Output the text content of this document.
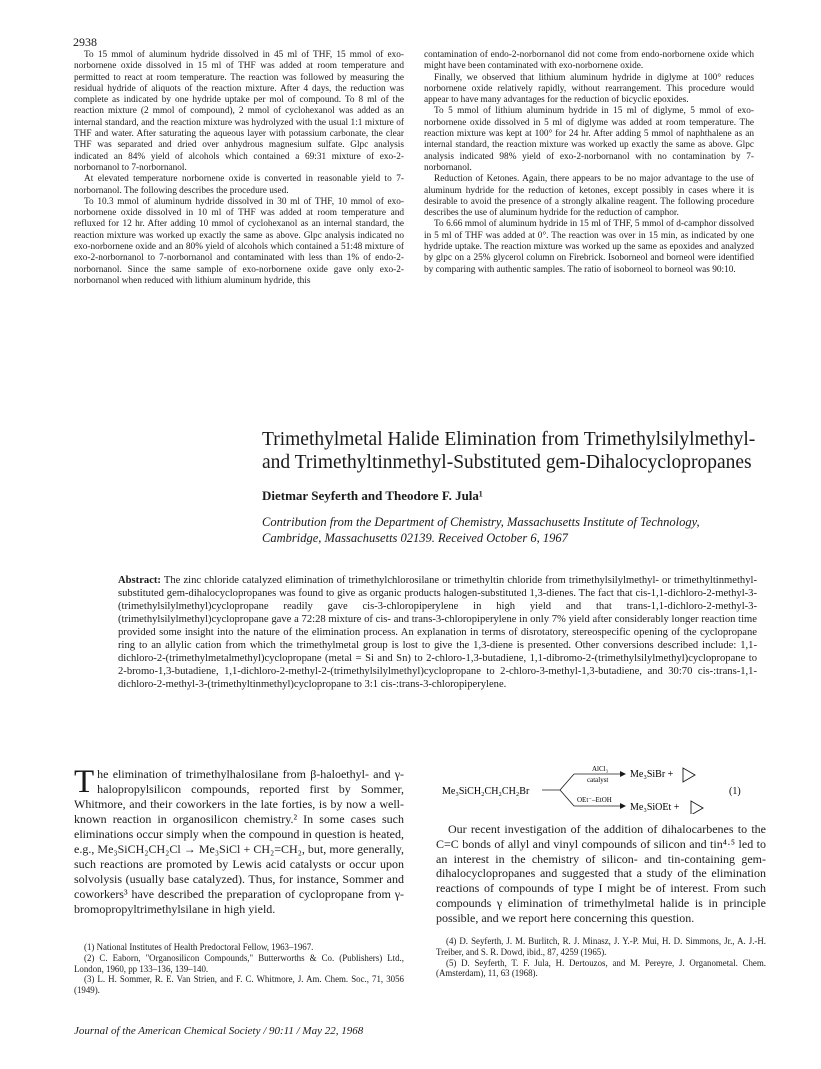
2938

To 15 mmol of aluminum hydride dissolved in 45 ml of THF, 15 mmol of exo-norbornene oxide dissolved in 15 ml of THF was added at room temperature and permitted to react at room temperature. The reaction was followed by measuring the residual hydride of aliquots of the reaction mixture. After 4 days, the reduction was complete as indicated by one hydride uptake per mol of compound. To 8 ml of the reaction mixture (2 mmol of compound), 2 mmol of cyclohexanol was added as an internal standard, and the reaction mixture was hydrolyzed with the usual 1:1 mixture of THF and water. After saturating the aqueous layer with potassium carbonate, the clear THF was separated and dried over anhydrous magnesium sulfate. Glpc analysis indicated an 84% yield of alcohols which contained a 69:31 mixture of exo-2-norbornanol to 7-norbornanol.

At elevated temperature norbornene oxide is converted in reasonable yield to 7-norbornanol. The following describes the procedure used.

To 10.3 mmol of aluminum hydride dissolved in 30 ml of THF, 10 mmol of exo-norbornene oxide dissolved in 10 ml of THF was added at room temperature and refluxed for 12 hr. After adding 10 mmol of cyclohexanol as an internal standard, the reaction mixture was worked up exactly the same as above. Glpc analysis indicated no exo-norbornene oxide and an 80% yield of alcohols which contained a 51:48 mixture of exo-2-norbornanol to 7-norbornanol and contaminated with less than 1% of endo-2-norbornanol. Since the same sample of exo-norbornene oxide gave only exo-2-norbornanol when reduced with lithium aluminum hydride, this

contamination of endo-2-norbornanol did not come from endo-norbornene oxide which might have been contaminated with exo-norbornene oxide.

Finally, we observed that lithium aluminum hydride in diglyme at 100° reduces norbornene oxide relatively rapidly, without rearrangement. This procedure would appear to have many advantages for the reduction of bicyclic epoxides.

To 5 mmol of lithium aluminum hydride in 15 ml of diglyme, 5 mmol of exo-norbornene oxide dissolved in 5 ml of diglyme was added at room temperature. The reaction mixture was kept at 100° for 24 hr. After adding 5 mmol of naphthalene as an internal standard, the reaction mixture was worked up exactly the same as above. Glpc analysis indicated 98% yield of exo-2-norbornanol with no contamination by 7-norbornanol.

Reduction of Ketones. Again, there appears to be no major advantage to the use of aluminum hydride for the reduction of ketones, except possibly in cases where it is desirable to avoid the presence of a strongly alkaline reagent. The following procedure describes the use of aluminum hydride for the reduction of camphor.

To 6.66 mmol of aluminum hydride in 15 ml of THF, 5 mmol of d-camphor dissolved in 5 ml of THF was added at 0°. The reaction was over in 15 min, as indicated by one hydride uptake. The reaction mixture was worked up the same as epoxides and analyzed by glpc on a 25% glycerol column on Firebrick. Isoborneol and borneol were identified by comparing with authentic samples. The ratio of isoborneol to borneol was 90:10.

Trimethylmetal Halide Elimination from Trimethylsilylmethyl- and Trimethyltinmethyl-Substituted gem-Dihalocyclopropanes
Dietmar Seyferth and Theodore F. Jula¹
Contribution from the Department of Chemistry, Massachusetts Institute of Technology, Cambridge, Massachusetts 02139. Received October 6, 1967
Abstract: The zinc chloride catalyzed elimination of trimethylchlorosilane or trimethyltin chloride from trimethylsilylmethyl- or trimethyltinmethyl-substituted gem-dihalocyclopropanes was found to give as organic products halogen-substituted 1,3-dienes. The fact that cis-1,1-dichloro-2-methyl-3-(trimethylsilylmethyl)cyclopropane readily gave cis-3-chloropiperylene in high yield and that trans-1,1-dichloro-2-methyl-3-(trimethylsilylmethyl)cyclopropane gave a 72:28 mixture of cis- and trans-3-chloropiperylene in only 7% yield after considerably longer reaction time provided some insight into the nature of the elimination process. An explanation in terms of disrotatory, stereospecific opening of the cyclopropane ring to an allylic cation from which the trimethylmetal group is lost to give the 1,3-diene is presented. Other conversions described include: 1,1-dichloro-2-(trimethylmetalmethyl)cyclopropane (metal = Si and Sn) to 2-chloro-1,3-butadiene, 1,1-dibromo-2-(trimethylsilylmethyl)cyclopropane to 2-bromo-1,3-butadiene, 1,1-dichloro-2-methyl-2-(trimethylsilylmethyl)cyclopropane to 2-chloro-3-methyl-1,3-butadiene, and 30:70 cis-:trans-1,1-dichloro-2-methyl-3-(trimethyltinmethyl)cyclopropane to 3:1 cis-:trans-3-chloropiperylene.
The elimination of trimethylhalosilane from β-haloethyl- and γ-halopropylsilicon compounds, reported first by Sommer, Whitmore, and their coworkers in the late forties, is by now a well-known reaction in organosilicon chemistry.² In some cases such eliminations occur simply when the compound in question is heated, e.g., Me₃SiCH₂CH₂Cl → Me₃SiCl + CH₂=CH₂, but, more generally, such reactions are promoted by Lewis acid catalysts or occur upon solvolysis (usually base catalyzed). Thus, for instance, Sommer and coworkers³ have described the preparation of cyclopropane from γ-bromopropyltrimethylsilane in high yield.
Me₃SiCH₂CH₂CH₂Br
AlCl₃
catalyst
OEt⁻–EtOH
Me₃SiBr +
Me₃SiOEt +
(1)

Our recent investigation of the addition of dihalocarbenes to the C=C bonds of allyl and vinyl compounds of silicon and tin⁴·⁵ led to an interest in the chemistry of silicon- and tin-containing gem-dihalocyclopropanes and suggested that a study of the elimination reactions of compounds of type I might be of interest. From such compounds γ elimination of trimethylmetal halide is in principle possible, and we report here concerning this question.

(1) National Institutes of Health Predoctoral Fellow, 1963–1967.

(2) C. Eaborn, "Organosilicon Compounds," Butterworths & Co. (Publishers) Ltd., London, 1960, pp 133–136, 139–140.

(3) L. H. Sommer, R. E. Van Strien, and F. C. Whitmore, J. Am. Chem. Soc., 71, 3056 (1949).

(4) D. Seyferth, J. M. Burlitch, R. J. Minasz, J. Y.-P. Mui, H. D. Simmons, Jr., A. J.-H. Treiber, and S. R. Dowd, ibid., 87, 4259 (1965).

(5) D. Seyferth, T. F. Jula, H. Dertouzos, and M. Pereyre, J. Organometal. Chem. (Amsterdam), 11, 63 (1968).

Journal of the American Chemical Society / 90:11 / May 22, 1968
